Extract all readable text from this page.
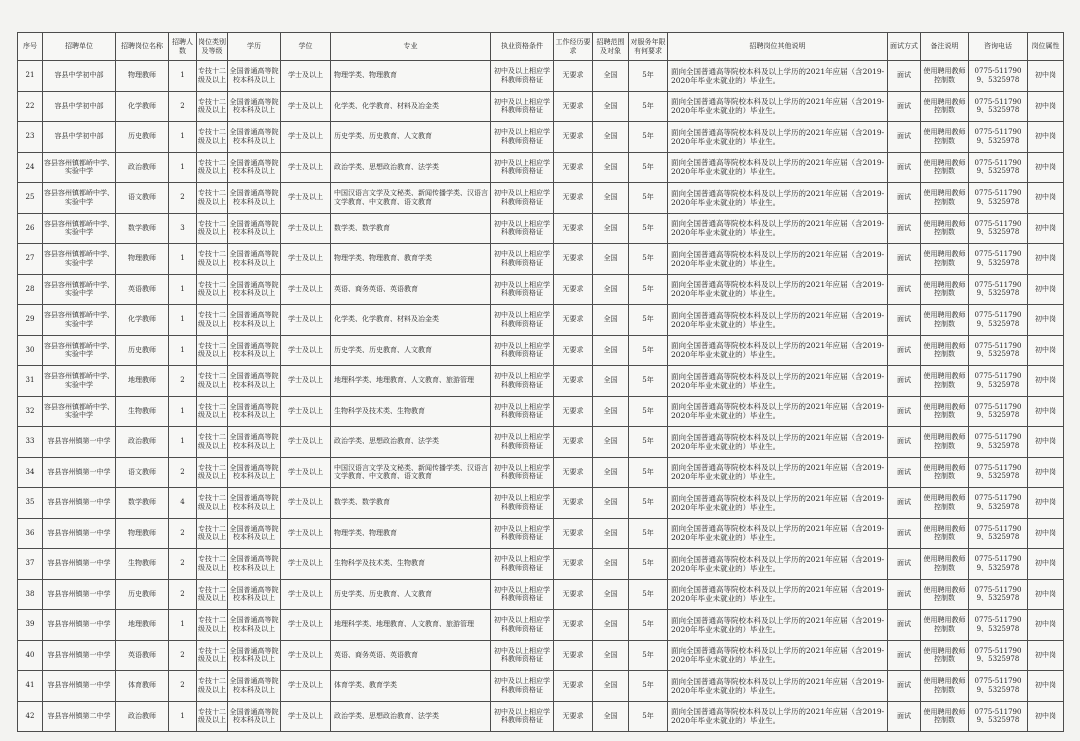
序号	招聘单位	招聘岗位名称	招聘人数	岗位类别及等级	学历	学位	专业	执业资格条件	工作经历要求	招聘范围及对象	对服务年限有何要求	招聘岗位其他说明	面试方式	备注说明	咨询电话	岗位属性
21	容县中学初中部	物理教师	1	专技十二级及以上	全国普通高等院校本科及以上	学士及以上	物理学类、物理教育	初中及以上相应学科教师资格证	无要求	全国	5年	面向全国普通高等院校本科及以上学历的2021年应届（含2019-2020年毕业未就业的）毕业生。	面试	使用聘用教师控制数	0775-5117909、5325978	初中岗
22	容县中学初中部	化学教师	2	专技十二级及以上	全国普通高等院校本科及以上	学士及以上	化学类、化学教育、材料及冶金类	初中及以上相应学科教师资格证	无要求	全国	5年	面向全国普通高等院校本科及以上学历的2021年应届（含2019-2020年毕业未就业的）毕业生。	面试	使用聘用教师控制数	0775-5117909、5325978	初中岗
23	容县中学初中部	历史教师	1	专技十二级及以上	全国普通高等院校本科及以上	学士及以上	历史学类、历史教育、人文教育	初中及以上相应学科教师资格证	无要求	全国	5年	面向全国普通高等院校本科及以上学历的2021年应届（含2019-2020年毕业未就业的）毕业生。	面试	使用聘用教师控制数	0775-5117909、5325978	初中岗
24	容县容州镇都峤中学、实验中学	政治教师	1	专技十二级及以上	全国普通高等院校本科及以上	学士及以上	政治学类、思想政治教育、法学类	初中及以上相应学科教师资格证	无要求	全国	5年	面向全国普通高等院校本科及以上学历的2021年应届（含2019-2020年毕业未就业的）毕业生。	面试	使用聘用教师控制数	0775-5117909、5325978	初中岗
25	容县容州镇都峤中学、实验中学	语文教师	2	专技十二级及以上	全国普通高等院校本科及以上	学士及以上	中国汉语言文学及文秘类、新闻传播学类、汉语言文学教育、中文教育、语文教育	初中及以上相应学科教师资格证	无要求	全国	5年	面向全国普通高等院校本科及以上学历的2021年应届（含2019-2020年毕业未就业的）毕业生。	面试	使用聘用教师控制数	0775-5117909、5325978	初中岗
26	容县容州镇都峤中学、实验中学	数学教师	3	专技十二级及以上	全国普通高等院校本科及以上	学士及以上	数学类、数学教育	初中及以上相应学科教师资格证	无要求	全国	5年	面向全国普通高等院校本科及以上学历的2021年应届（含2019-2020年毕业未就业的）毕业生。	面试	使用聘用教师控制数	0775-5117909、5325978	初中岗
27	容县容州镇都峤中学、实验中学	物理教师	1	专技十二级及以上	全国普通高等院校本科及以上	学士及以上	物理学类、物理教育、教育学类	初中及以上相应学科教师资格证	无要求	全国	5年	面向全国普通高等院校本科及以上学历的2021年应届（含2019-2020年毕业未就业的）毕业生。	面试	使用聘用教师控制数	0775-5117909、5325978	初中岗
28	容县容州镇都峤中学、实验中学	英语教师	1	专技十二级及以上	全国普通高等院校本科及以上	学士及以上	英语、商务英语、英语教育	初中及以上相应学科教师资格证	无要求	全国	5年	面向全国普通高等院校本科及以上学历的2021年应届（含2019-2020年毕业未就业的）毕业生。	面试	使用聘用教师控制数	0775-5117909、5325978	初中岗
29	容县容州镇都峤中学、实验中学	化学教师	1	专技十二级及以上	全国普通高等院校本科及以上	学士及以上	化学类、化学教育、材料及冶金类	初中及以上相应学科教师资格证	无要求	全国	5年	面向全国普通高等院校本科及以上学历的2021年应届（含2019-2020年毕业未就业的）毕业生。	面试	使用聘用教师控制数	0775-5117909、5325978	初中岗
30	容县容州镇都峤中学、实验中学	历史教师	1	专技十二级及以上	全国普通高等院校本科及以上	学士及以上	历史学类、历史教育、人文教育	初中及以上相应学科教师资格证	无要求	全国	5年	面向全国普通高等院校本科及以上学历的2021年应届（含2019-2020年毕业未就业的）毕业生。	面试	使用聘用教师控制数	0775-5117909、5325978	初中岗
31	容县容州镇都峤中学、实验中学	地理教师	2	专技十二级及以上	全国普通高等院校本科及以上	学士及以上	地理科学类、地理教育、人文教育、旅游管理	初中及以上相应学科教师资格证	无要求	全国	5年	面向全国普通高等院校本科及以上学历的2021年应届（含2019-2020年毕业未就业的）毕业生。	面试	使用聘用教师控制数	0775-5117909、5325978	初中岗
32	容县容州镇都峤中学、实验中学	生物教师	1	专技十二级及以上	全国普通高等院校本科及以上	学士及以上	生物科学及技术类、生物教育	初中及以上相应学科教师资格证	无要求	全国	5年	面向全国普通高等院校本科及以上学历的2021年应届（含2019-2020年毕业未就业的）毕业生。	面试	使用聘用教师控制数	0775-5117909、5325978	初中岗
33	容县容州镇第一中学	政治教师	1	专技十二级及以上	全国普通高等院校本科及以上	学士及以上	政治学类、思想政治教育、法学类	初中及以上相应学科教师资格证	无要求	全国	5年	面向全国普通高等院校本科及以上学历的2021年应届（含2019-2020年毕业未就业的）毕业生。	面试	使用聘用教师控制数	0775-5117909、5325978	初中岗
34	容县容州镇第一中学	语文教师	2	专技十二级及以上	全国普通高等院校本科及以上	学士及以上	中国汉语言文学及文秘类、新闻传播学类、汉语言文学教育、中文教育、语文教育	初中及以上相应学科教师资格证	无要求	全国	5年	面向全国普通高等院校本科及以上学历的2021年应届（含2019-2020年毕业未就业的）毕业生。	面试	使用聘用教师控制数	0775-5117909、5325978	初中岗
35	容县容州镇第一中学	数学教师	4	专技十二级及以上	全国普通高等院校本科及以上	学士及以上	数学类、数学教育	初中及以上相应学科教师资格证	无要求	全国	5年	面向全国普通高等院校本科及以上学历的2021年应届（含2019-2020年毕业未就业的）毕业生。	面试	使用聘用教师控制数	0775-5117909、5325978	初中岗
36	容县容州镇第一中学	物理教师	2	专技十二级及以上	全国普通高等院校本科及以上	学士及以上	物理学类、物理教育	初中及以上相应学科教师资格证	无要求	全国	5年	面向全国普通高等院校本科及以上学历的2021年应届（含2019-2020年毕业未就业的）毕业生。	面试	使用聘用教师控制数	0775-5117909、5325978	初中岗
37	容县容州镇第一中学	生物教师	2	专技十二级及以上	全国普通高等院校本科及以上	学士及以上	生物科学及技术类、生物教育	初中及以上相应学科教师资格证	无要求	全国	5年	面向全国普通高等院校本科及以上学历的2021年应届（含2019-2020年毕业未就业的）毕业生。	面试	使用聘用教师控制数	0775-5117909、5325978	初中岗
38	容县容州镇第一中学	历史教师	2	专技十二级及以上	全国普通高等院校本科及以上	学士及以上	历史学类、历史教育、人文教育	初中及以上相应学科教师资格证	无要求	全国	5年	面向全国普通高等院校本科及以上学历的2021年应届（含2019-2020年毕业未就业的）毕业生。	面试	使用聘用教师控制数	0775-5117909、5325978	初中岗
39	容县容州镇第一中学	地理教师	1	专技十二级及以上	全国普通高等院校本科及以上	学士及以上	地理科学类、地理教育、人文教育、旅游管理	初中及以上相应学科教师资格证	无要求	全国	5年	面向全国普通高等院校本科及以上学历的2021年应届（含2019-2020年毕业未就业的）毕业生。	面试	使用聘用教师控制数	0775-5117909、5325978	初中岗
40	容县容州镇第一中学	英语教师	2	专技十二级及以上	全国普通高等院校本科及以上	学士及以上	英语、商务英语、英语教育	初中及以上相应学科教师资格证	无要求	全国	5年	面向全国普通高等院校本科及以上学历的2021年应届（含2019-2020年毕业未就业的）毕业生。	面试	使用聘用教师控制数	0775-5117909、5325978	初中岗
41	容县容州镇第一中学	体育教师	2	专技十二级及以上	全国普通高等院校本科及以上	学士及以上	体育学类、教育学类	初中及以上相应学科教师资格证	无要求	全国	5年	面向全国普通高等院校本科及以上学历的2021年应届（含2019-2020年毕业未就业的）毕业生。	面试	使用聘用教师控制数	0775-5117909、5325978	初中岗
42	容县容州镇第二中学	政治教师	1	专技十二级及以上	全国普通高等院校本科及以上	学士及以上	政治学类、思想政治教育、法学类	初中及以上相应学科教师资格证	无要求	全国	5年	面向全国普通高等院校本科及以上学历的2021年应届（含2019-2020年毕业未就业的）毕业生。	面试	使用聘用教师控制数	0775-5117909、5325978	初中岗
